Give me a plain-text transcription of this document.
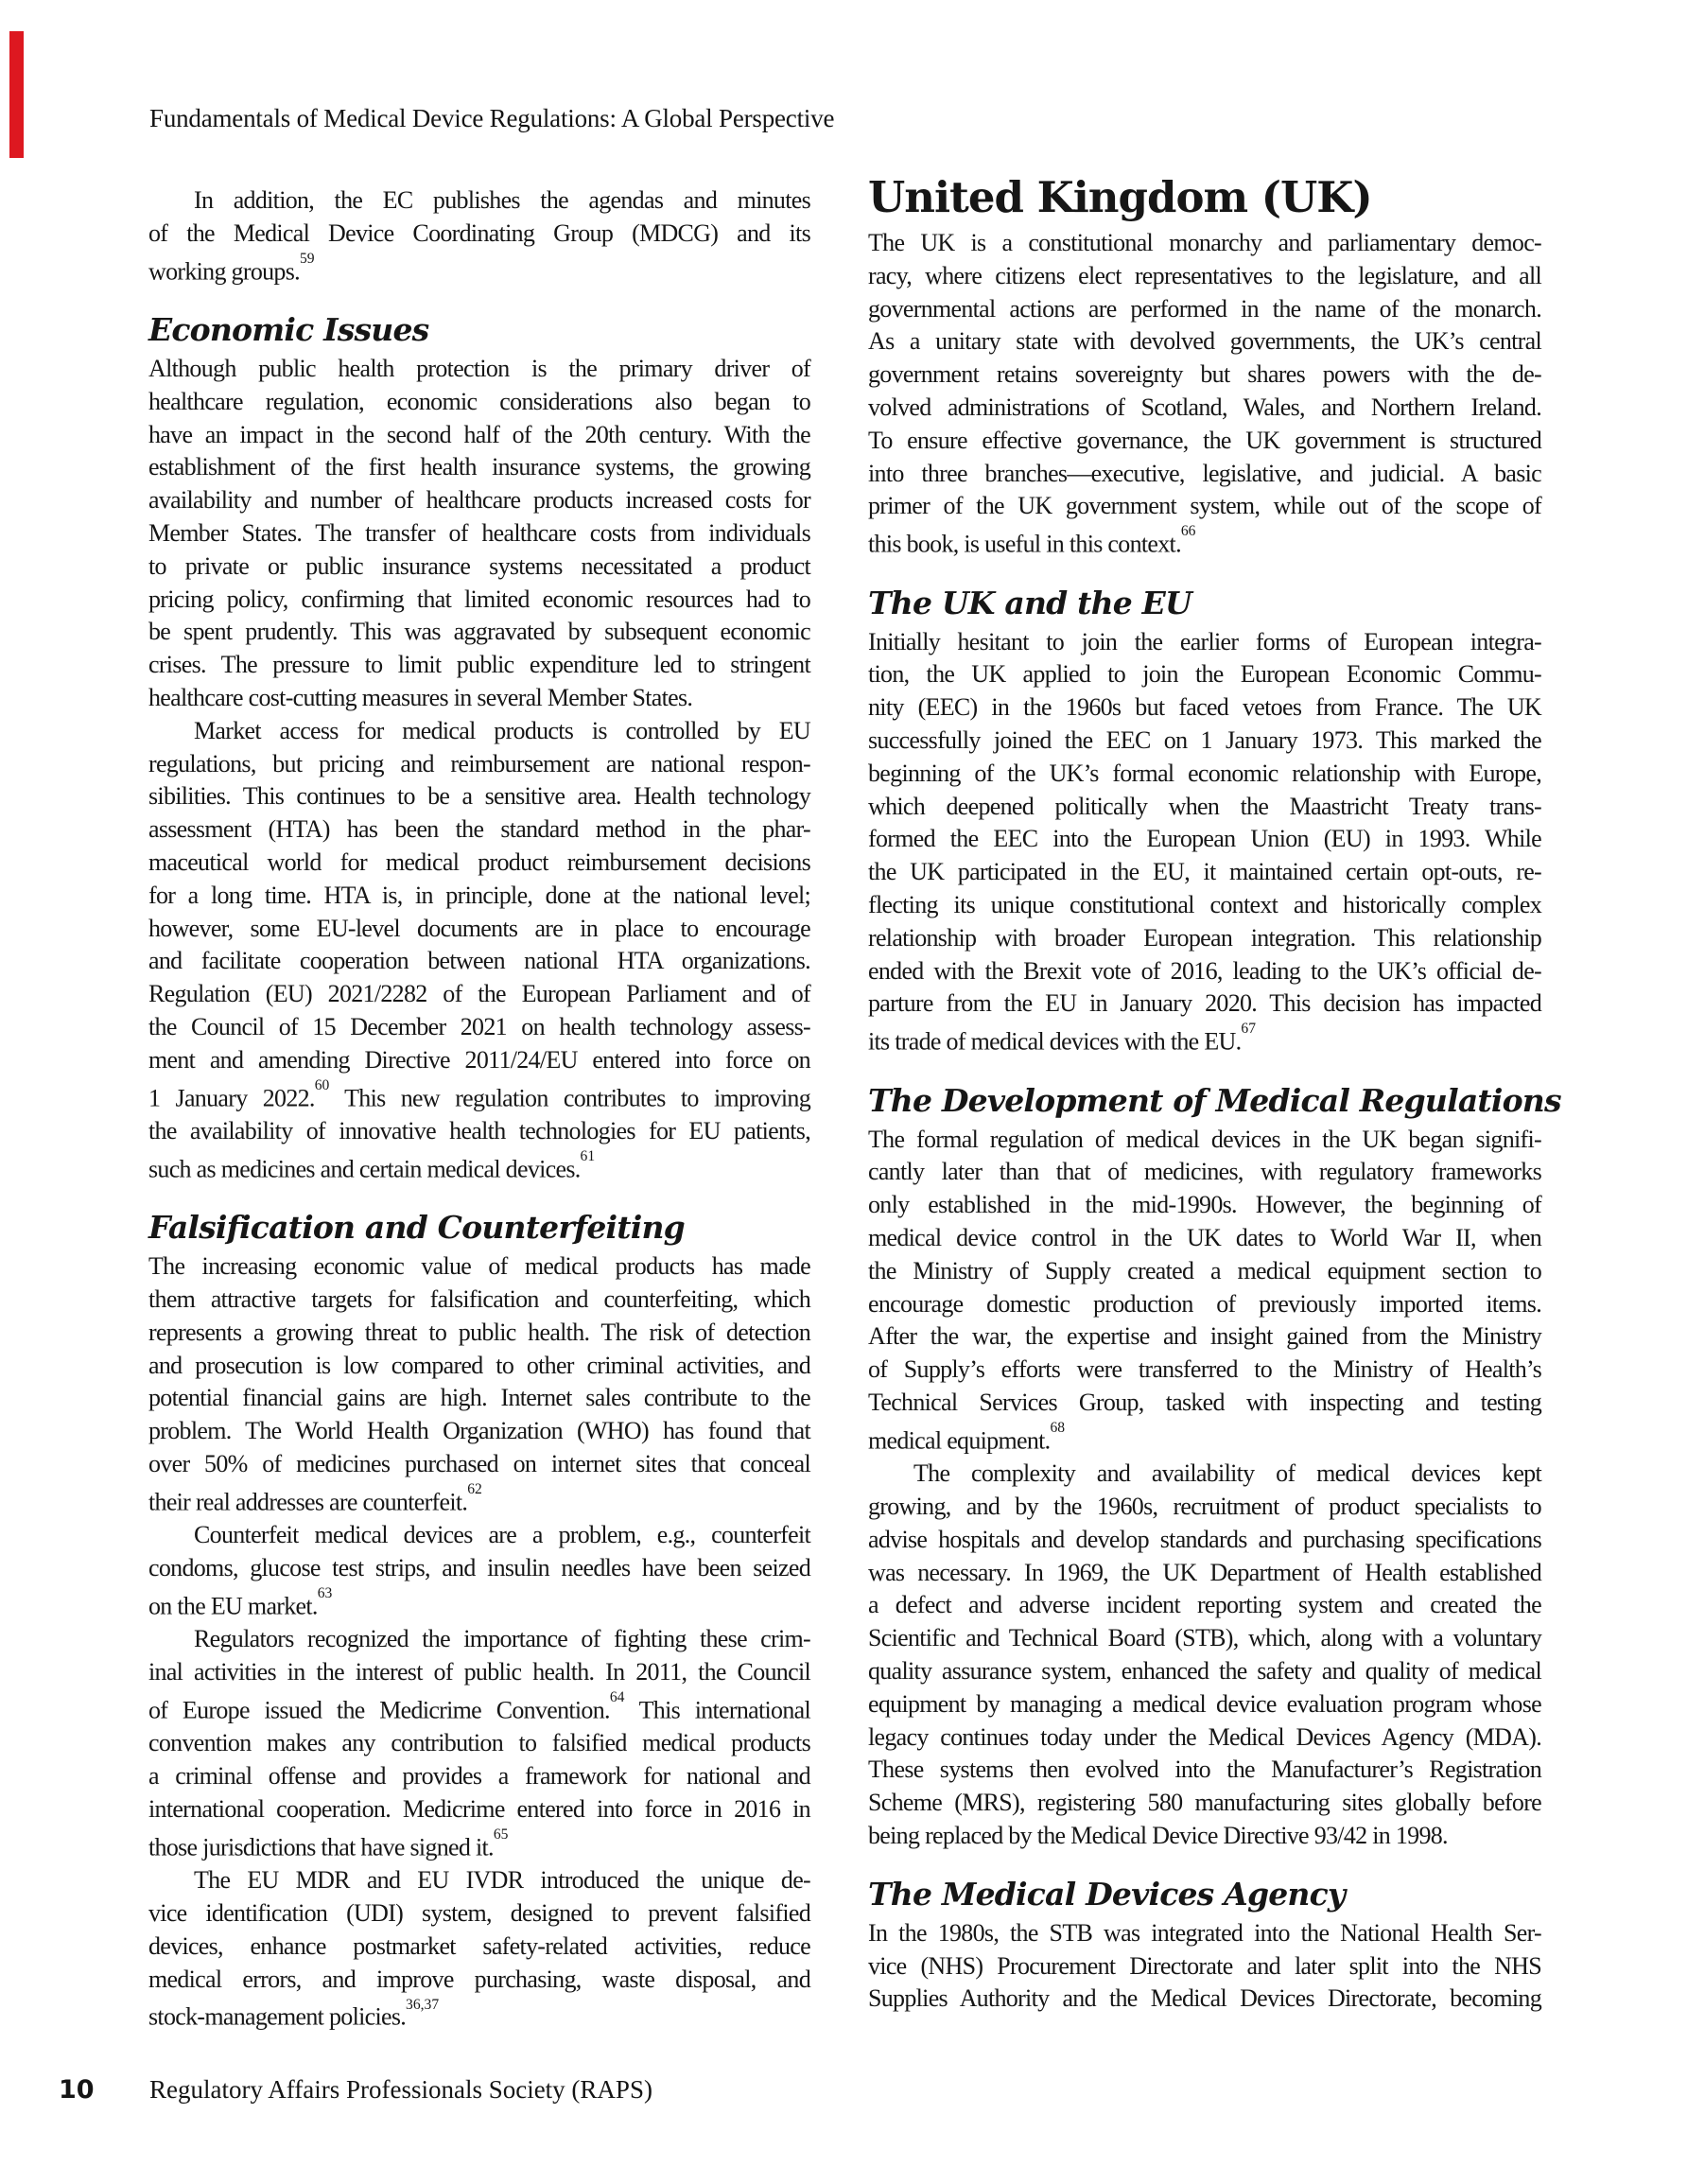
Fundamentals of Medical Device Regulations: A Global Perspective
In addition, the EC publishes the agendas and minutes
of the Medical Device Coordinating Group (MDCG) and its
working groups.$^{59}$
Economic Issues
Although public health protection is the primary driver of
healthcare regulation, economic considerations also began to
have an impact in the second half of the 20th century. With the
establishment of the first health insurance systems, the growing
availability and number of healthcare products increased costs for
Member States. The transfer of healthcare costs from individuals
to private or public insurance systems necessitated a product
pricing policy, confirming that limited economic resources had to
be spent prudently. This was aggravated by subsequent economic
crises. The pressure to limit public expenditure led to stringent
healthcare cost-cutting measures in several Member States.
Market access for medical products is controlled by EU
regulations, but pricing and reimbursement are national respon-
sibilities. This continues to be a sensitive area. Health technology
assessment (HTA) has been the standard method in the phar-
maceutical world for medical product reimbursement decisions
for a long time. HTA is, in principle, done at the national level;
however, some EU-level documents are in place to encourage
and facilitate cooperation between national HTA organizations.
Regulation (EU) 2021/2282 of the European Parliament and of
the Council of 15 December 2021 on health technology assess-
ment and amending Directive 2011/24/EU entered into force on
1 January 2022.60 This new regulation contributes to improving
the availability of innovative health technologies for EU patients,
such as medicines and certain medical devices.$^{61}$
Falsification and Counterfeiting
The increasing economic value of medical products has made
them attractive targets for falsification and counterfeiting, which
represents a growing threat to public health. The risk of detection
and prosecution is low compared to other criminal activities, and
potential financial gains are high. Internet sales contribute to the
problem. The World Health Organization (WHO) has found that
over 50% of medicines purchased on internet sites that conceal
their real addresses are counterfeit.$^{62}$
Counterfeit medical devices are a problem, e.g., counterfeit
condoms, glucose test strips, and insulin needles have been seized
on the EU market.$^{63}$
Regulators recognized the importance of fighting these crim-
inal activities in the interest of public health. In 2011, the Council
of Europe issued the Medicrime Convention.$^{64}$ This international
convention makes any contribution to falsified medical products
a criminal offense and provides a framework for national and
international cooperation. Medicrime entered into force in 2016 in
those jurisdictions that have signed it.$^{65}$
The EU MDR and EU IVDR introduced the unique de-
vice identification (UDI) system, designed to prevent falsified
devices, enhance postmarket safety-related activities, reduce
medical errors, and improve purchasing, waste disposal, and
stock-management policies.$^{36,37}$
United Kingdom (UK)
The UK is a constitutional monarchy and parliamentary democ-
racy, where citizens elect representatives to the legislature, and all
governmental actions are performed in the name of the monarch.
As a unitary state with devolved governments, the UK’s central
government retains sovereignty but shares powers with the de-
volved administrations of Scotland, Wales, and Northern Ireland.
To ensure effective governance, the UK government is structured
into three branches—executive, legislative, and judicial. A basic
primer of the UK government system, while out of the scope of
this book, is useful in this context.$^{66}$
The UK and the EU
Initially hesitant to join the earlier forms of European integra-
tion, the UK applied to join the European Economic Commu-
nity (EEC) in the 1960s but faced vetoes from France. The UK
successfully joined the EEC on 1 January 1973. This marked the
beginning of the UK’s formal economic relationship with Europe,
which deepened politically when the Maastricht Treaty trans-
formed the EEC into the European Union (EU) in 1993. While
the UK participated in the EU, it maintained certain opt-outs, re-
flecting its unique constitutional context and historically complex
relationship with broader European integration. This relationship
ended with the Brexit vote of 2016, leading to the UK’s official de-
parture from the EU in January 2020. This decision has impacted
its trade of medical devices with the EU.$^{67}$
The Development of Medical Regulations
The formal regulation of medical devices in the UK began signifi-
cantly later than that of medicines, with regulatory frameworks
only established in the mid-1990s. However, the beginning of
medical device control in the UK dates to World War II, when
the Ministry of Supply created a medical equipment section to
encourage domestic production of previously imported items.
After the war, the expertise and insight gained from the Ministry
of Supply’s efforts were transferred to the Ministry of Health’s
Technical Services Group, tasked with inspecting and testing
medical equipment.$^{68}$
The complexity and availability of medical devices kept
growing, and by the 1960s, recruitment of product specialists to
advise hospitals and develop standards and purchasing specifications
was necessary. In 1969, the UK Department of Health established
a defect and adverse incident reporting system and created the
Scientific and Technical Board (STB), which, along with a voluntary
quality assurance system, enhanced the safety and quality of medical
equipment by managing a medical device evaluation program whose
legacy continues today under the Medical Devices Agency (MDA).
These systems then evolved into the Manufacturer’s Registration
Scheme (MRS), registering 580 manufacturing sites globally before
being replaced by the Medical Device Directive 93/42 in 1998.
The Medical Devices Agency
In the 1980s, the STB was integrated into the National Health Ser-
vice (NHS) Procurement Directorate and later split into the NHS
Supplies Authority and the Medical Devices Directorate, becoming
10 Regulatory Affairs Professionals Society (RAPS)
